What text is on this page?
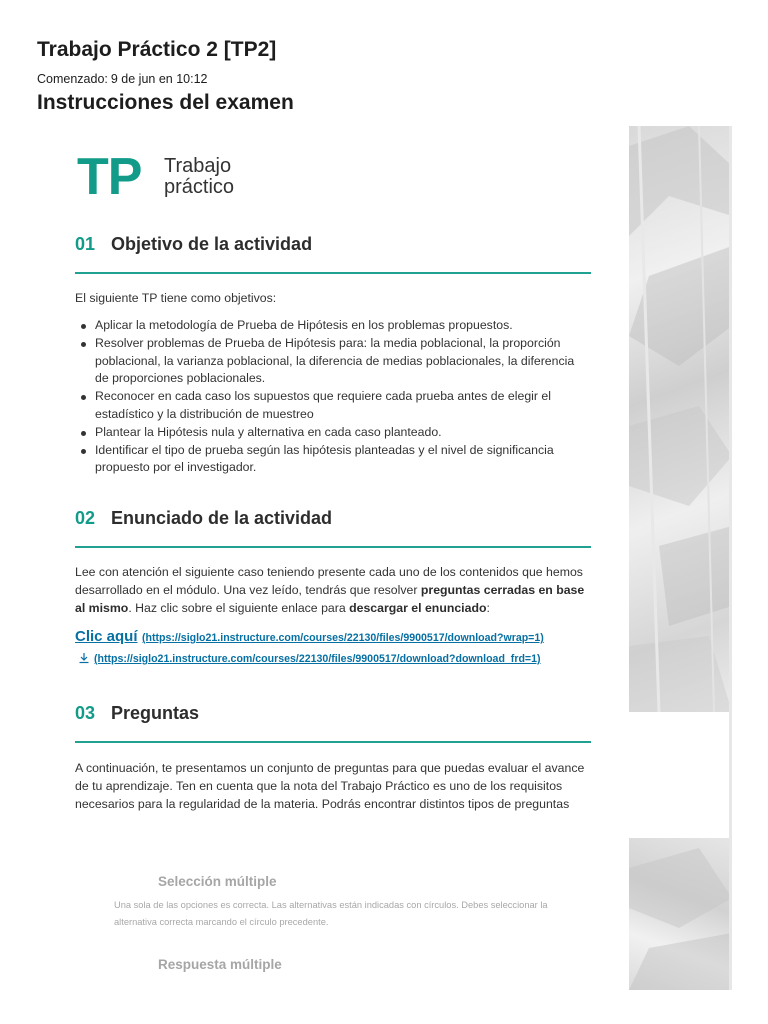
Trabajo Práctico 2 [TP2]
Comenzado: 9 de jun en 10:12
Instrucciones del examen
TP Trabajo
práctico
01 Objetivo de la actividad
El siguiente TP tiene como objetivos:
Aplicar la metodología de Prueba de Hipótesis en los problemas propuestos.
Resolver problemas de Prueba de Hipótesis para: la media poblacional, la proporción poblacional, la varianza poblacional, la diferencia de medias poblacionales, la diferencia de proporciones poblacionales.
Reconocer en cada caso los supuestos que requiere cada prueba antes de elegir el estadístico y la distribución de muestreo
Plantear la Hipótesis nula y alternativa en cada caso planteado.
Identificar el tipo de prueba según las hipótesis planteadas y el nivel de significancia propuesto por el investigador.
02 Enunciado de la actividad
Lee con atención el siguiente caso teniendo presente cada uno de los contenidos que hemos desarrollado en el módulo. Una vez leído, tendrás que resolver preguntas cerradas en base al mismo. Haz clic sobre el siguiente enlace para descargar el enunciado:
Clic aquí (https://siglo21.instructure.com/courses/22130/files/9900517/download?wrap=1)
(https://siglo21.instructure.com/courses/22130/files/9900517/download?download_frd=1)
03 Preguntas
A continuación, te presentamos un conjunto de preguntas para que puedas evaluar el avance de tu aprendizaje. Ten en cuenta que la nota del Trabajo Práctico es uno de los requisitos necesarios para la regularidad de la materia. Podrás encontrar distintos tipos de preguntas
Selección múltiple
Una sola de las opciones es correcta. Las alternativas están indicadas con círculos. Debes seleccionar la alternativa correcta marcando el círculo precedente.
Respuesta múltiple
